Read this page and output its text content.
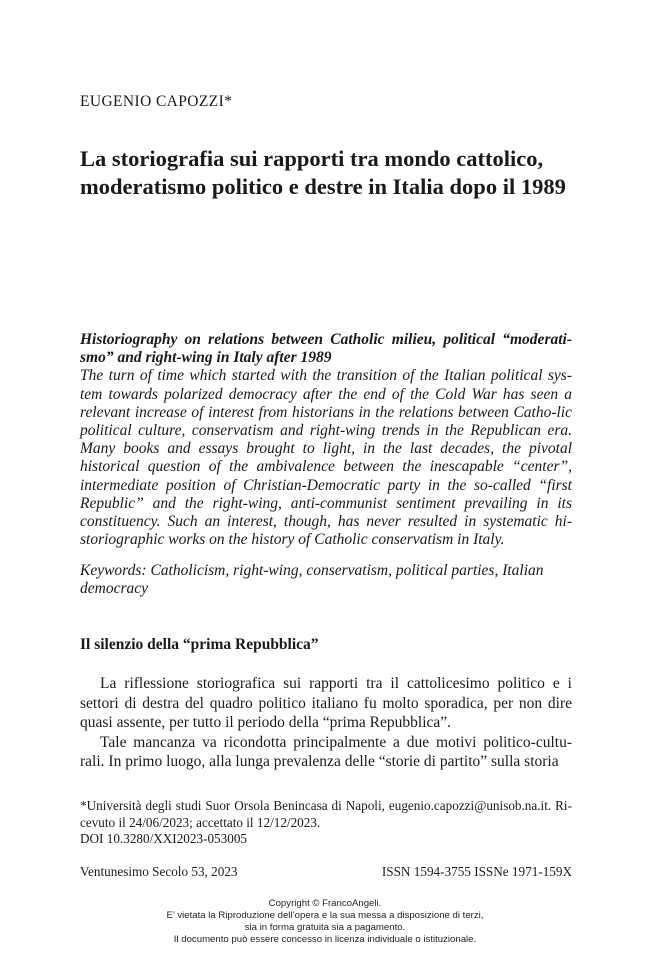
EUGENIO CAPOZZI*
La storiografia sui rapporti tra mondo cattolico,
moderatismo politico e destre in Italia dopo il 1989
Historiography on relations between Catholic milieu, political “moderati-smo” and right-wing in Italy after 1989
The turn of time which started with the transition of the Italian political sys-tem towards polarized democracy after the end of the Cold War has seen a relevant increase of interest from historians in the relations between Catho-lic political culture, conservatism and right-wing trends in the Republican era. Many books and essays brought to light, in the last decades, the pivotal historical question of the ambivalence between the inescapable “center”, intermediate position of Christian-Democratic party in the so-called “first Republic” and the right-wing, anti-communist sentiment prevailing in its constituency. Such an interest, though, has never resulted in systematic hi-storiographic works on the history of Catholic conservatism in Italy.
Keywords: Catholicism, right-wing, conservatism, political parties, Italian democracy
Il silenzio della “prima Repubblica”

La riflessione storiografica sui rapporti tra il cattolicesimo politico e i settori di destra del quadro politico italiano fu molto sporadica, per non dire quasi assente, per tutto il periodo della “prima Repubblica”.

Tale mancanza va ricondotta principalmente a due motivi politico-cultu-rali. In primo luogo, alla lunga prevalenza delle “storie di partito” sulla storia

*Università degli studi Suor Orsola Benincasa di Napoli, eugenio.capozzi@unisob.na.it. Ri-cevuto il 24/06/2023; accettato il 12/12/2023.
DOI 10.3280/XXI2023-053005
Ventunesimo Secolo 53, 2023	ISSN 1594-3755 ISSNe 1971-159X
Copyright © FrancoAngeli.
E’ vietata la Riproduzione dell’opera e la sua messa a disposizione di terzi,
sia in forma gratuita sia a pagamento.
Il documento può essere concesso in licenza individuale o istituzionale.
